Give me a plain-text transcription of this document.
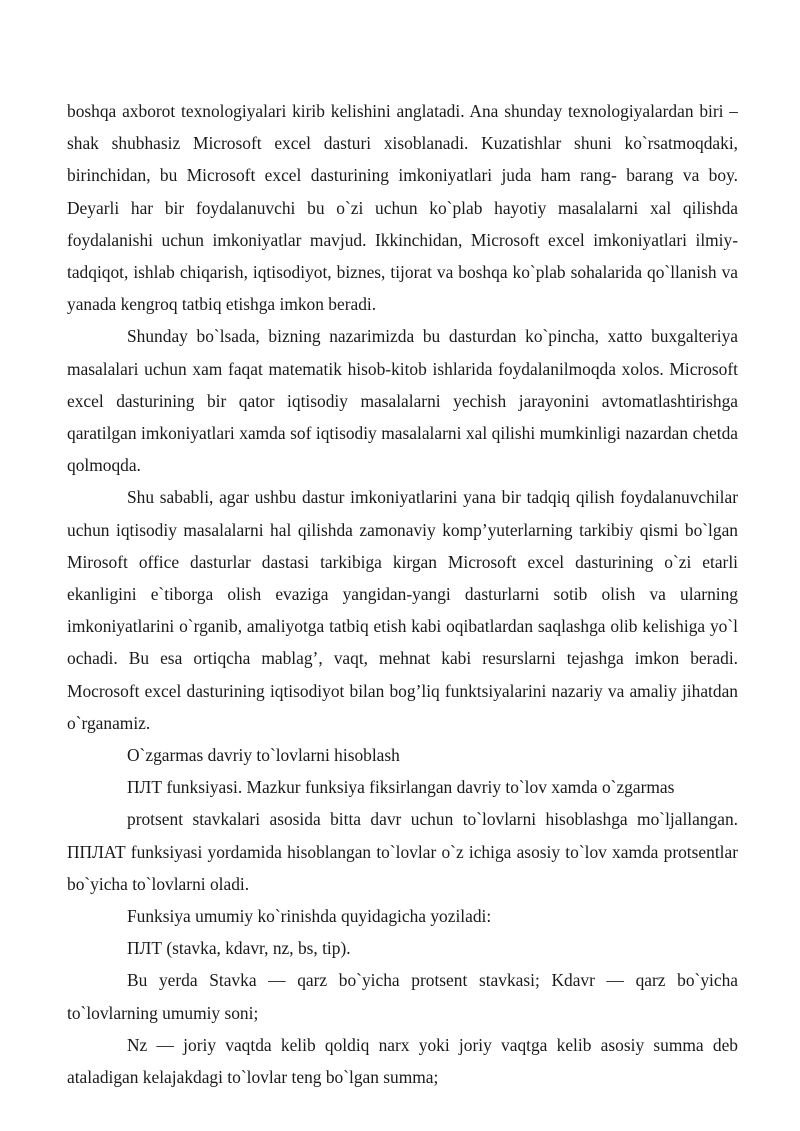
boshqa axborot texnologiyalari kirib kelishini anglatadi. Ana shunday texnologiyalardan biri – shak shubhasiz Microsoft excel dasturi xisoblanadi. Kuzatishlar shuni ko`rsatmoqdaki, birinchidan, bu Microsoft excel dasturining imkoniyatlari juda ham rang- barang va boy. Deyarli har bir foydalanuvchi bu o`zi uchun ko`plab hayotiy masalalarni xal qilishda foydalanishi uchun imkoniyatlar mavjud. Ikkinchidan, Microsoft excel imkoniyatlari ilmiy-tadqiqot, ishlab chiqarish, iqtisodiyot, biznes, tijorat va boshqa ko`plab sohalarida qo`llanish va yanada kengroq tatbiq etishga imkon beradi.

Shunday bo`lsada, bizning nazarimizda bu dasturdan ko`pincha, xatto buxgalteriya masalalari uchun xam faqat matematik hisob-kitob ishlarida foydalanilmoqda xolos. Microsoft excel dasturining bir qator iqtisodiy masalalarni yechish jarayonini avtomatlashtirishga qaratilgan imkoniyatlari xamda sof iqtisodiy masalalarni xal qilishi mumkinligi nazardan chetda qolmoqda.

Shu sababli, agar ushbu dastur imkoniyatlarini yana bir tadqiq qilish foydalanuvchilar uchun iqtisodiy masalalarni hal qilishda zamonaviy komp’yuterlarning tarkibiy qismi bo`lgan Mirosoft office dasturlar dastasi tarkibiga kirgan Microsoft excel dasturining o`zi etarli ekanligini e`tiborga olish evaziga yangidan-yangi dasturlarni sotib olish va ularning imkoniyatlarini o`rganib, amaliyotga tatbiq etish kabi oqibatlardan saqlashga olib kelishiga yo`l ochadi. Bu esa ortiqcha mablag’, vaqt, mehnat kabi resurslarni tejashga imkon beradi. Mocrosoft excel dasturining iqtisodiyot bilan bog’liq funktsiyalarini nazariy va amaliy jihatdan o`rganamiz.

O`zgarmas davriy to`lovlarni hisoblash

ПЛТ funksiyasi. Mazkur funksiya fiksirlangan davriy to`lov xamda o`zgarmas

protsent stavkalari asosida bitta davr uchun to`lovlarni hisoblashga mo`ljallangan. ППЛАТ funksiyasi yordamida hisoblangan to`lovlar o`z ichiga asosiy to`lov xamda protsentlar bo`yicha to`lovlarni oladi.

Funksiya umumiy ko`rinishda quyidagicha yoziladi:

ПЛТ (stavka, kdavr, nz, bs, tip).

Bu yerda Stavka — qarz bo`yicha protsent stavkasi; Kdavr — qarz bo`yicha to`lovlarning umumiy soni;

Nz — joriy vaqtda kelib qoldiq narx yoki joriy vaqtga kelib asosiy summa deb ataladigan kelajakdagi to`lovlar teng bo`lgan summa;
